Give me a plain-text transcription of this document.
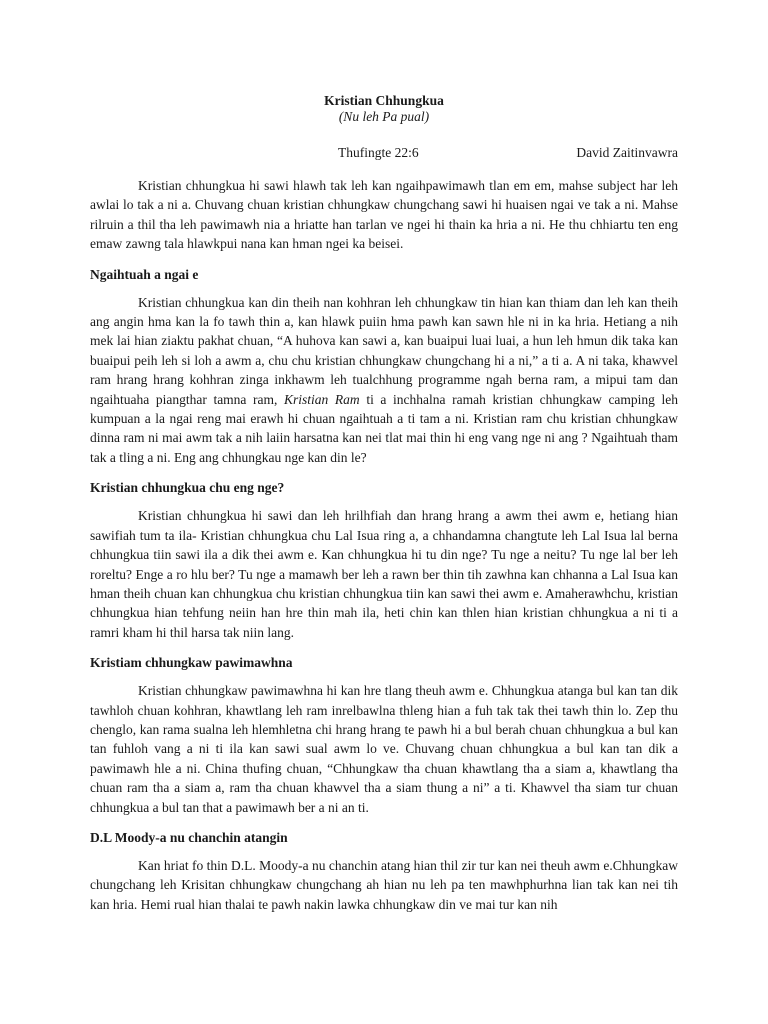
Kristian Chhungkua
(Nu leh Pa pual)
Thufingte 22:6	David Zaitinvawra

Kristian chhungkua hi sawi hlawh tak leh kan ngaihpawimawh tlan em em, mahse subject har leh awlai lo tak a ni a. Chuvang chuan kristian chhungkaw chungchang sawi hi huaisen ngai ve tak a ni. Mahse rilruin a thil tha leh pawimawh nia a hriatte han tarlan ve ngei hi thain ka hria a ni. He thu chhiartu ten eng emaw zawng tala hlawkpui nana kan hman ngei ka beisei.

Ngaihtuah a ngai e

Kristian chhungkua kan din theih nan kohhran leh chhungkaw tin hian kan thiam dan leh kan theih ang angin hma kan la fo tawh thin a, kan hlawk puiin hma pawh kan sawn hle ni in ka hria. Hetiang a nih mek lai hian ziaktu pakhat chuan, “A huhova kan sawi a, kan buaipui luai luai, a hun leh hmun dik taka kan buaipui peih leh si loh a awm a, chu chu kristian chhungkaw chungchang hi a ni,” a ti a. A ni taka, khawvel ram hrang hrang kohhran zinga inkhawm leh tualchhung programme ngah berna ram, a mipui tam dan ngaihtuaha piangthar tamna ram, Kristian Ram ti a inchhalna ramah kristian chhungkaw camping leh kumpuan a la ngai reng mai erawh hi chuan ngaihtuah a ti tam a ni. Kristian ram chu kristian chhungkaw dinna ram ni mai awm tak a nih laiin harsatna kan nei tlat mai thin hi eng vang nge ni ang ? Ngaihtuah tham tak a tling a ni. Eng ang chhungkau nge kan din le?

Kristian chhungkua chu eng nge?

Kristian chhungkua hi sawi dan leh hrilhfiah dan hrang hrang a awm thei awm e, hetiang hian sawifiah tum ta ila- Kristian chhungkua chu Lal Isua ring a, a chhandamna changtute leh Lal Isua lal berna chhungkua tiin sawi ila a dik thei awm e. Kan chhungkua hi tu din nge? Tu nge a neitu? Tu nge lal ber leh roreltu? Enge a ro hlu ber? Tu nge a mamawh ber leh a rawn ber thin tih zawhna kan chhanna a Lal Isua kan hman theih chuan kan chhungkua chu kristian chhungkua tiin kan sawi thei awm e. Amaherawhchu, kristian chhungkua hian tehfung neiin han hre thin mah ila, heti chin kan thlen hian kristian chhungkua a ni ti a ramri kham hi thil harsa tak niin lang.

Kristiam chhungkaw pawimawhna

Kristian chhungkaw pawimawhna hi kan hre tlang theuh awm e. Chhungkua atanga bul kan tan dik tawhloh chuan kohhran, khawtlang leh ram inrelbawlna thleng hian a fuh tak tak thei tawh thin lo. Zep thu chenglo, kan rama sualna leh hlemhletna chi hrang hrang te pawh hi a bul berah chuan chhungkua a bul kan tan fuhloh vang a ni ti ila kan sawi sual awm lo ve. Chuvang chuan chhungkua a bul kan tan dik a pawimawh hle a ni. China thufing chuan, “Chhungkaw tha chuan khawtlang tha a siam a, khawtlang tha chuan ram tha a siam a, ram tha chuan khawvel tha a siam thung a ni” a ti. Khawvel tha siam tur chuan chhungkua a bul tan that a pawimawh ber a ni an ti.

D.L Moody-a nu chanchin atangin

Kan hriat fo thin D.L. Moody-a nu chanchin atang hian thil zir tur kan nei theuh awm e.Chhungkaw chungchang leh Krisitan chhungkaw chungchang ah hian nu leh pa ten mawhphurhna lian tak kan nei tih kan hria. Hemi rual hian thalai te pawh nakin lawka chhungkaw din ve mai tur kan nih
